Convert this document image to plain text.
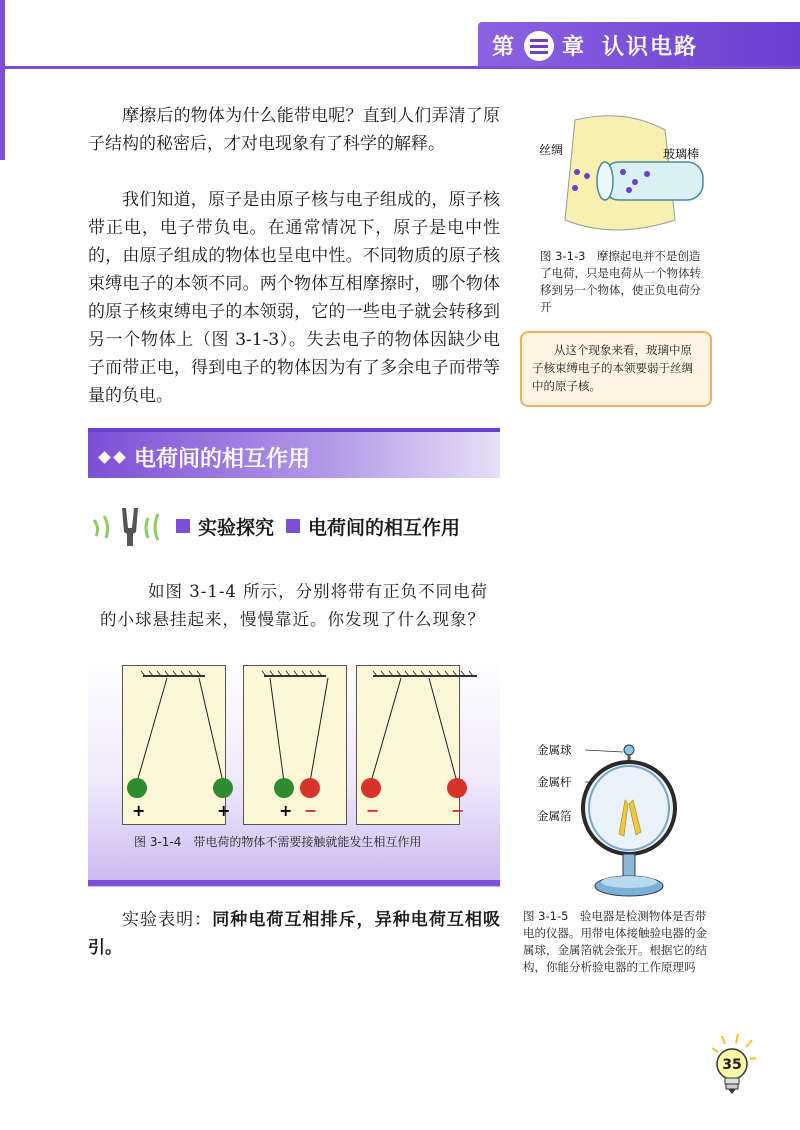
第 章 认识电路
摩擦后的物体为什么能带电呢？直到人们弄清了原子结构的秘密后，才对电现象有了科学的解释。
我们知道，原子是由原子核与电子组成的，原子核带正电，电子带负电。在通常情况下，原子是电中性的，由原子组成的物体也呈电中性。不同物质的原子核束缚电子的本领不同。两个物体互相摩擦时，哪个物体的原子核束缚电子的本领弱，它的一些电子就会转移到另一个物体上（图 3-1-3）。失去电子的物体因缺少电子而带正电，得到电子的物体因为有了多余电子而带等量的负电。
丝绸	玻璃棒
图 3-1-3　摩擦起电并不是创造了电荷，只是电荷从一个物体转移到另一个物体，使正负电荷分开
从这个现象来看，玻璃中原子核束缚电子的本领要弱于丝绸中的原子核。
电荷间的相互作用
实验探究 电荷间的相互作用
如图 3-1-4 所示，分别将带有正负不同电荷的小球悬挂起来，慢慢靠近。你发现了什么现象？
+	+	+ −	−	−
图 3-1-4　带电荷的物体不需要接触就能发生相互作用
实验表明：同种电荷互相排斥，异种电荷互相吸引。
金属球
金属杆
金属箔
图 3-1-5　验电器是检测物体是否带电的仪器。用带电体接触验电器的金属球，金属箔就会张开。根据它的结构，你能分析验电器的工作原理吗
35
